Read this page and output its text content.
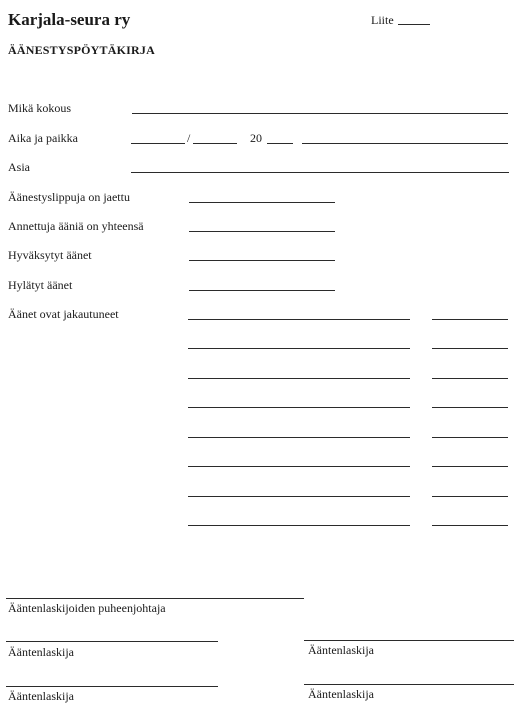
Karjala-seura ry	Liite
ÄÄNESTYSPÖYTÄKIRJA
Mikä kokous
Aika ja paikka	/	20
Asia
Äänestyslippuja on jaettu
Annettuja ääniä on yhteensä
Hyväksytyt äänet
Hylätyt äänet
Äänet ovat jakautuneet
Ääntenlaskijoiden puheenjohtaja
Ääntenlaskija	Ääntenlaskija
Ääntenlaskija	Ääntenlaskija
